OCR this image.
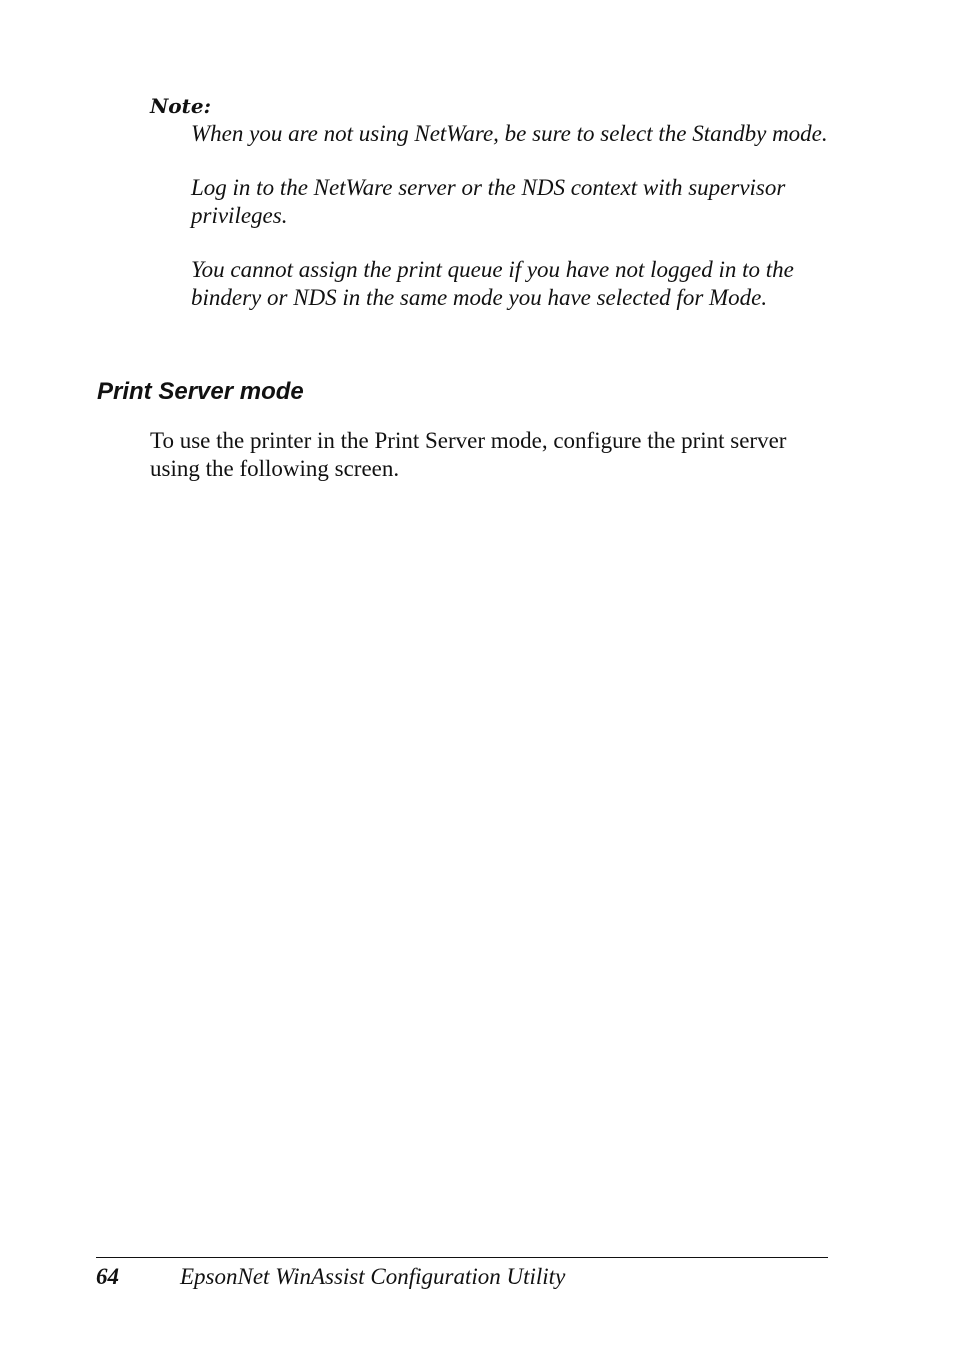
Note:

When you are not using NetWare, be sure to select the Standby mode.

Log in to the NetWare server or the NDS context with supervisor privileges.

You cannot assign the print queue if you have not logged in to the bindery or NDS in the same mode you have selected for Mode.

Print Server mode

To use the printer in the Print Server mode, configure the print server using the following screen.

64	EpsonNet WinAssist Configuration Utility
